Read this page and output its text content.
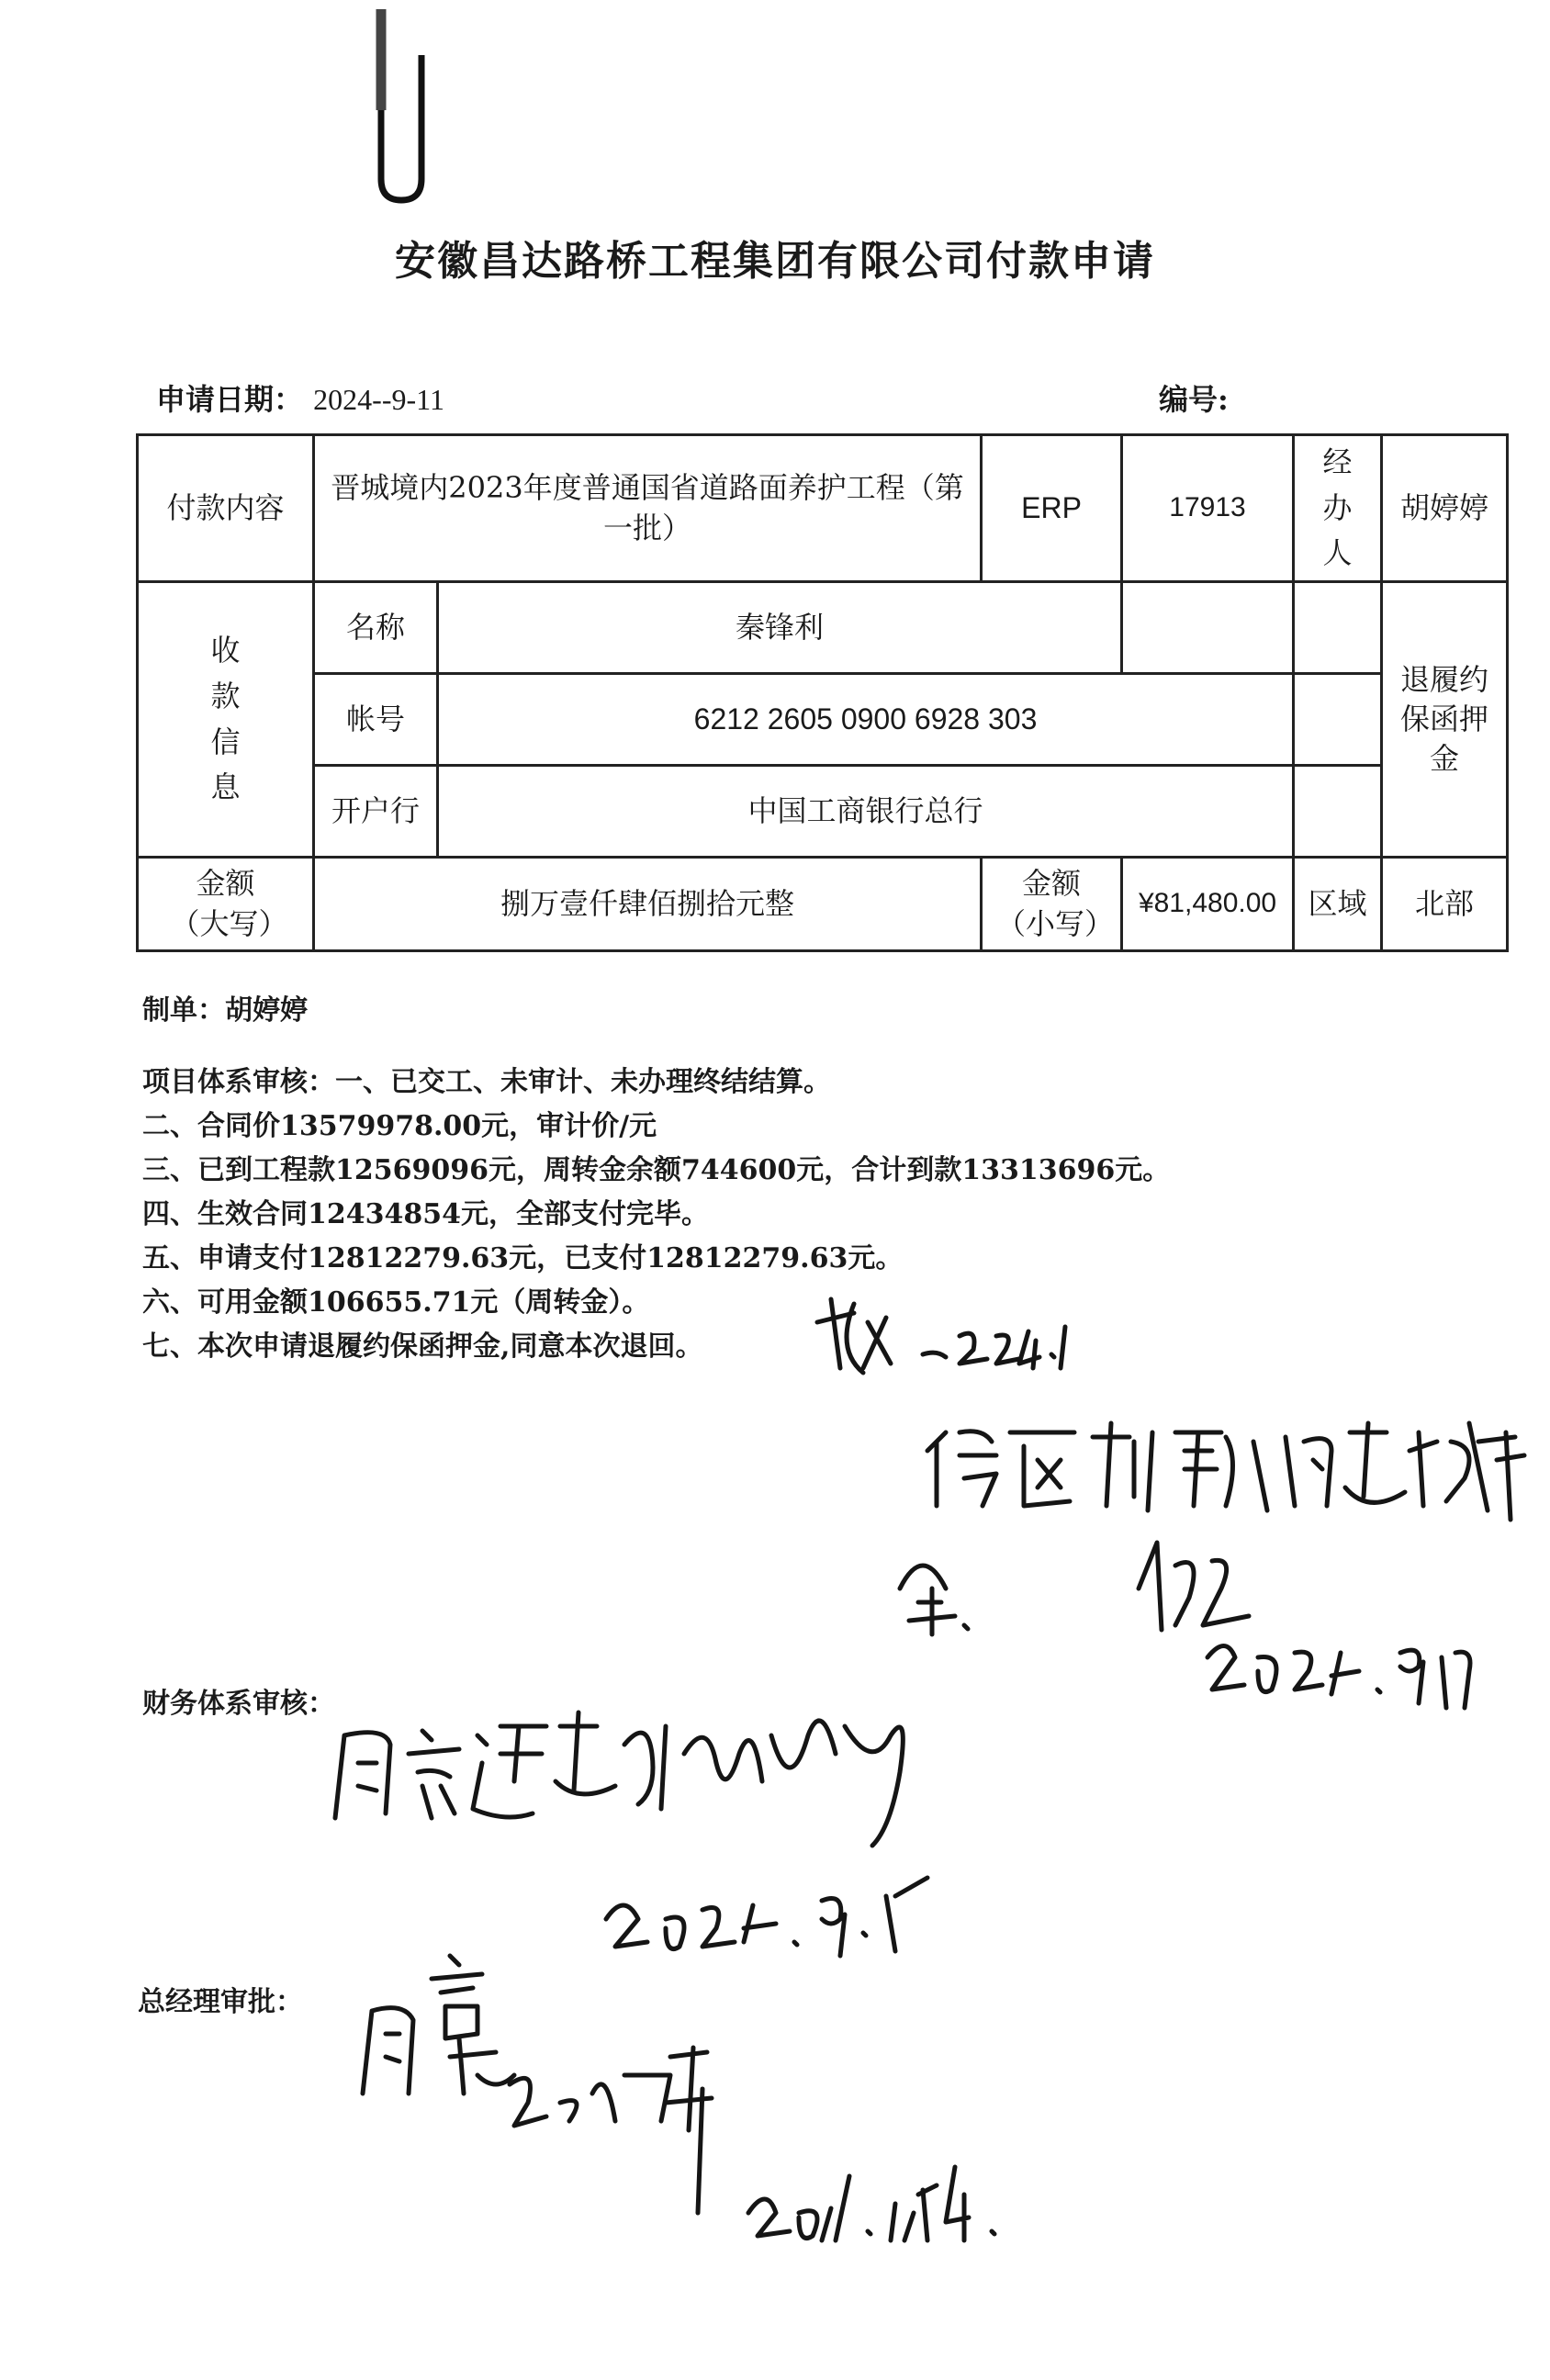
安徽昌达路桥工程集团有限公司付款申请
申请日期： 2024--9-11	编号:
付款内容	晋城境内2023年度普通国省道路面养护工程（第一批）		ERP	17913	经办人	胡婷婷

收款信息	名称	秦锋利				退履约保函押金

	帐号	6212 2605 0900 6928 303				
	开户行	中国工商银行总行				

金额（大写）	捌万壹仟肆佰捌拾元整		金额（小写）	¥81,480.00	区域	北部
制单：胡婷婷
项目体系审核：一、已交工、未审计、未办理终结结算。
二、合同价13579978.00元，审计价/元
三、已到工程款12569096元，周转金余额744600元，合计到款13313696元。
四、生效合同12434854元，全部支付完毕。
五、申请支付12812279.63元，已支付12812279.63元。
六、可用金额106655.71元（周转金）。
七、本次申请退履约保函押金,同意本次退回。
财务体系审核：
总经理审批：
